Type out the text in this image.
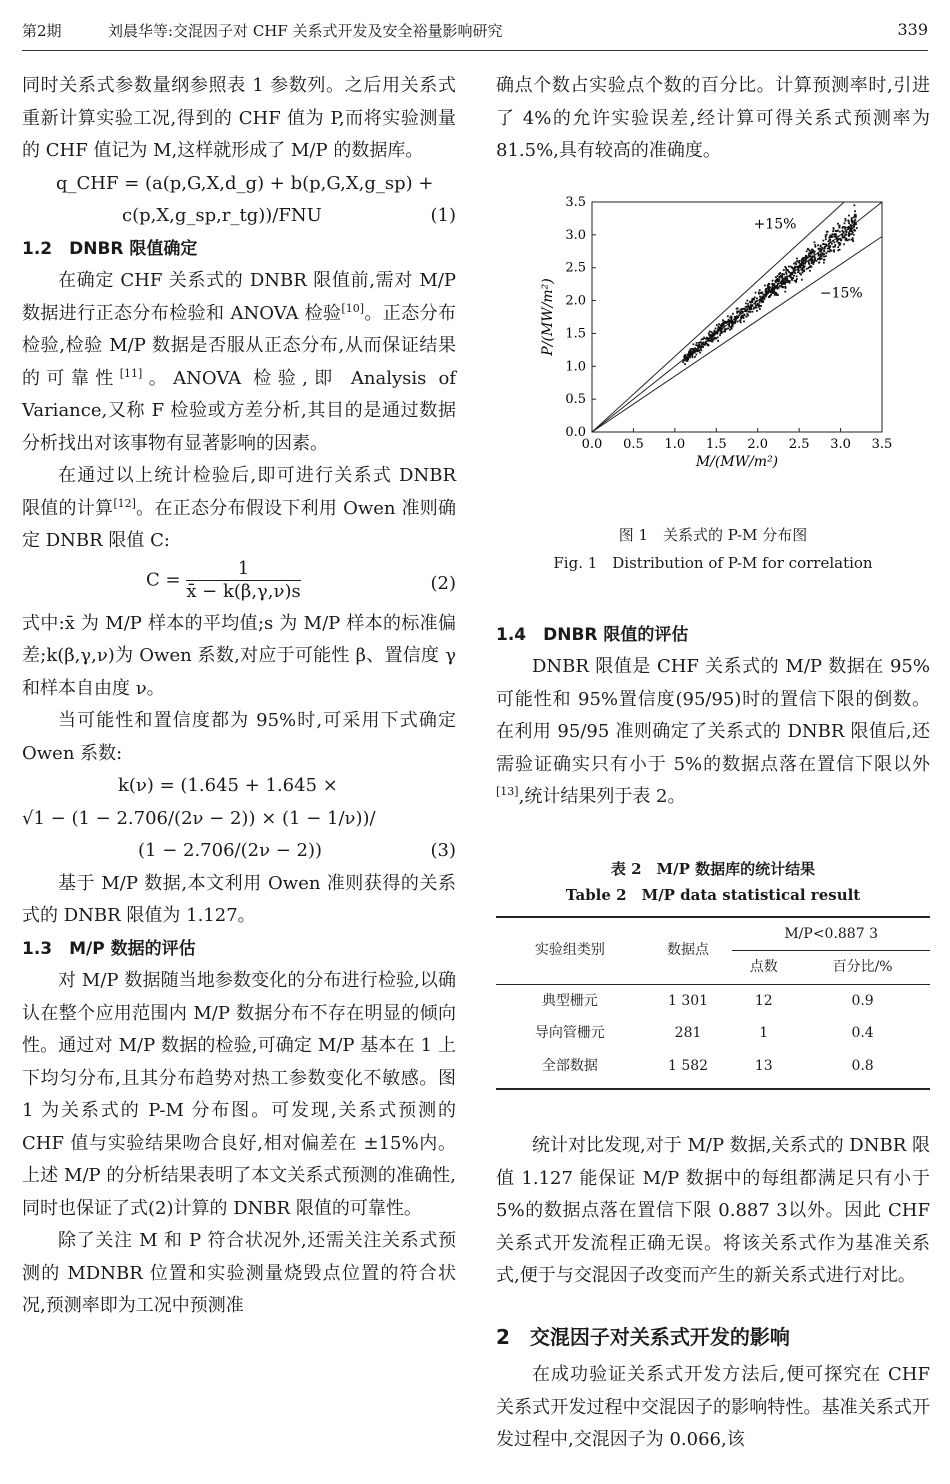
第2期	刘晨华等:交混因子对 CHF 关系式开发及安全裕量影响研究	339

同时关系式参数量纲参照表 1 参数列。之后用关系式重新计算实验工况,得到的 CHF 值为 P,而将实验测量的 CHF 值记为 M,这样就形成了 M/P 的数据库。

q_CHF = (a(p,G,X,d_g) + b(p,G,X,g_sp) +
c(p,X,g_sp,r_tg))/FNU	(1)
1.2　DNBR 限值确定

在确定 CHF 关系式的 DNBR 限值前,需对 M/P 数据进行正态分布检验和 ANOVA 检验[10]。正态分布检验,检验 M/P 数据是否服从正态分布,从而保证结果的可靠性[11]。ANOVA 检验,即 Analysis of Variance,又称 F 检验或方差分析,其目的是通过数据分析找出对该事物有显著影响的因素。

在通过以上统计检验后,即可进行关系式 DNBR 限值的计算[12]。在正态分布假设下利用 Owen 准则确定 DNBR 限值 C:

$C = \frac{1}{x̄ - k(\beta,\gamma,\nu)s}$	(2)

式中:x̄ 为 M/P 样本的平均值;s 为 M/P 样本的标准偏差;k(β,γ,ν)为 Owen 系数,对应于可能性 β、置信度 γ 和样本自由度 ν。

当可能性和置信度都为 95%时,可采用下式确定 Owen 系数:

k(ν) = (1.645 + 1.645 ×
√1 − (1 − 2.706/(2ν − 2)) × (1 − 1/ν))/
(1 − 2.706/(2ν − 2))	(3)

基于 M/P 数据,本文利用 Owen 准则获得的关系式的 DNBR 限值为 1.127。

1.3　M/P 数据的评估

对 M/P 数据随当地参数变化的分布进行检验,以确认在整个应用范围内 M/P 数据分布不存在明显的倾向性。通过对 M/P 数据的检验,可确定 M/P 基本在 1 上下均匀分布,且其分布趋势对热工参数变化不敏感。图 1 为关系式的 P-M 分布图。可发现,关系式预测的 CHF 值与实验结果吻合良好,相对偏差在 ±15%内。上述 M/P 的分析结果表明了本文关系式预测的准确性,同时也保证了式(2)计算的 DNBR 限值的可靠性。

除了关注 M 和 P 符合状况外,还需关注关系式预测的 MDNBR 位置和实验测量烧毁点位置的符合状况,预测率即为工况中预测准

确点个数占实验点个数的百分比。计算预测率时,引进了 4%的允许实验误差,经计算可得关系式预测率为 81.5%,具有较高的准确度。

0.0 0.5 1.0 1.5 2.0 2.5 3.0 3.5
0.0
0.5
1.0
1.5
2.0
2.5
3.0
3.5
+15%
−15%
M/(MW/m²)
P/(MW/m²)
图 1　关系式的 P-M 分布图
Fig. 1　Distribution of P-M for correlation
1.4　DNBR 限值的评估

DNBR 限值是 CHF 关系式的 M/P 数据在 95%可能性和 95%置信度(95/95)时的置信下限的倒数。在利用 95/95 准则确定了关系式的 DNBR 限值后,还需验证确实只有小于 5%的数据点落在置信下限以外[13],统计结果列于表 2。

表 2　M/P 数据库的统计结果
Table 2　M/P data statistical result
实验组类别	数据点	M/P<0.887 3	
		点数	百分比/%
典型栅元	1 301	12	0.9
导向管栅元	281	1	0.4
全部数据	1 582	13	0.8

统计对比发现,对于 M/P 数据,关系式的 DNBR 限值 1.127 能保证 M/P 数据中的每组都满足只有小于 5%的数据点落在置信下限 0.887 3以外。因此 CHF 关系式开发流程正确无误。将该关系式作为基准关系式,便于与交混因子改变而产生的新关系式进行对比。

2　交混因子对关系式开发的影响

在成功验证关系式开发方法后,便可探究在 CHF 关系式开发过程中交混因子的影响特性。基准关系式开发过程中,交混因子为 0.066,该
